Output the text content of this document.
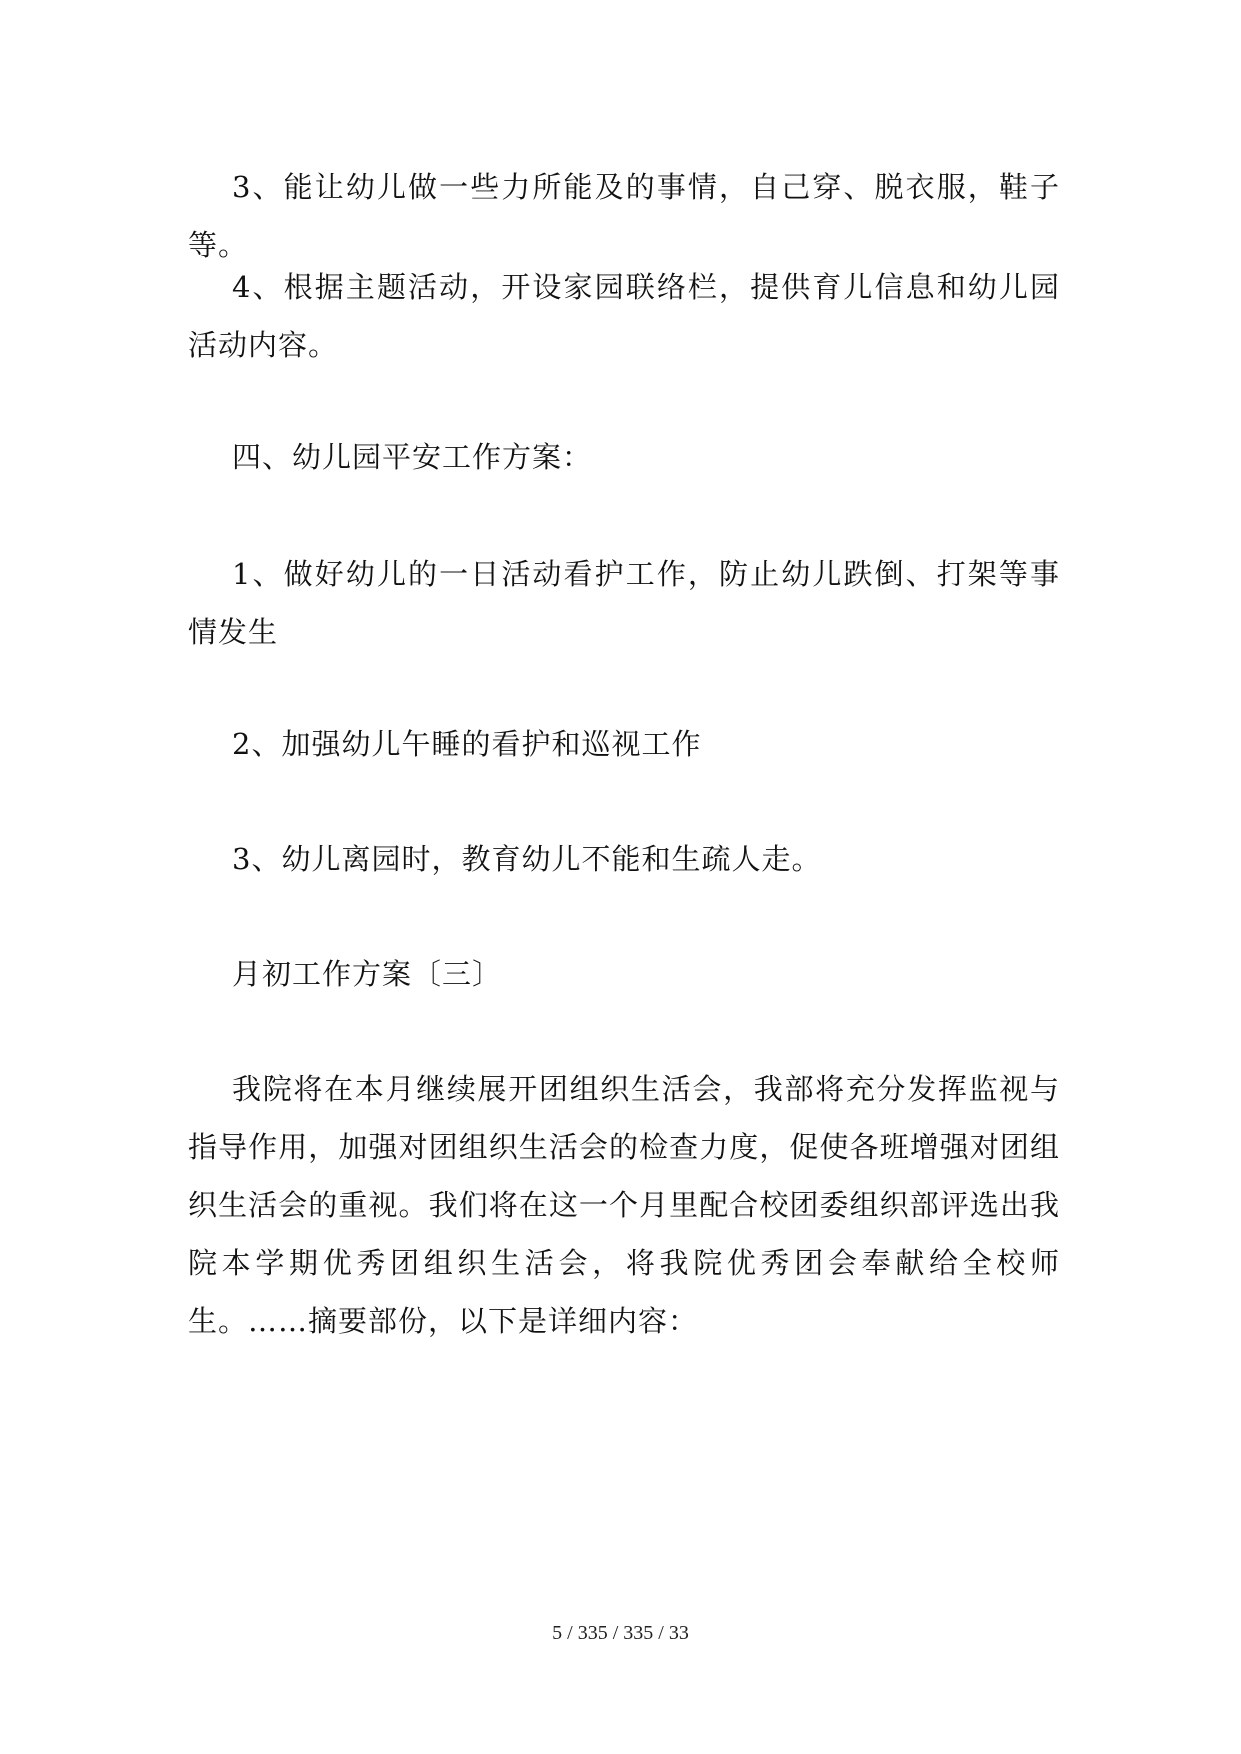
3、能让幼儿做一些力所能及的事情，自己穿、脱衣服，鞋子等。

4、根据主题活动，开设家园联络栏，提供育儿信息和幼儿园活动内容。

四、幼儿园平安工作方案：

1、做好幼儿的一日活动看护工作，防止幼儿跌倒、打架等事情发生

2、加强幼儿午睡的看护和巡视工作

3、幼儿离园时，教育幼儿不能和生疏人走。

月初工作方案〔三〕

我院将在本月继续展开团组织生活会，我部将充分发挥监视与指导作用，加强对团组织生活会的检查力度，促使各班增强对团组织生活会的重视。我们将在这一个月里配合校团委组织部评选出我院本学期优秀团组织生活会，将我院优秀团会奉献给全校师生。……摘要部份，以下是详细内容：

5 / 335 / 335 / 33
